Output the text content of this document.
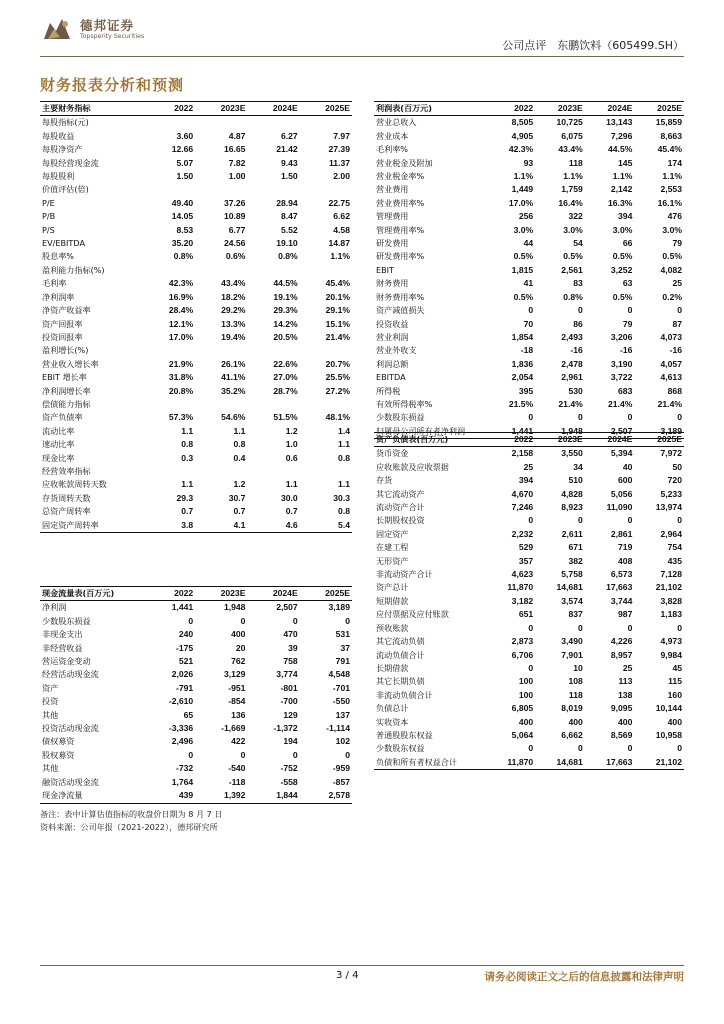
德邦证券
Topsperity Securities
公司点评　东鹏饮料（605499.SH）
财务报表分析和预测
主要财务指标	2022	2023E	2024E	2025E
每股指标(元)				
每股收益	3.60	4.87	6.27	7.97
每股净资产	12.66	16.65	21.42	27.39
每股经营现金流	5.07	7.82	9.43	11.37
每股股利	1.50	1.00	1.50	2.00
价值评估(倍)				
P/E	49.40	37.26	28.94	22.75
P/B	14.05	10.89	8.47	6.62
P/S	8.53	6.77	5.52	4.58
EV/EBITDA	35.20	24.56	19.10	14.87
股息率%	0.8%	0.6%	0.8%	1.1%
盈利能力指标(%)				
毛利率	42.3%	43.4%	44.5%	45.4%
净利润率	16.9%	18.2%	19.1%	20.1%
净资产收益率	28.4%	29.2%	29.3%	29.1%
资产回报率	12.1%	13.3%	14.2%	15.1%
投资回报率	17.0%	19.4%	20.5%	21.4%
盈利增长(%)				
营业收入增长率	21.9%	26.1%	22.6%	20.7%
EBIT 增长率	31.8%	41.1%	27.0%	25.5%
净利润增长率	20.8%	35.2%	28.7%	27.2%
偿债能力指标				
资产负债率	57.3%	54.6%	51.5%	48.1%
流动比率	1.1	1.1	1.2	1.4
速动比率	0.8	0.8	1.0	1.1
现金比率	0.3	0.4	0.6	0.8
经营效率指标				
应收帐款周转天数	1.1	1.2	1.1	1.1
存货周转天数	29.3	30.7	30.0	30.3
总资产周转率	0.7	0.7	0.7	0.8
固定资产周转率	3.8	4.1	4.6	5.4
利润表(百万元)	2022	2023E	2024E	2025E
营业总收入	8,505	10,725	13,143	15,859
营业成本	4,905	6,075	7,296	8,663
毛利率%	42.3%	43.4%	44.5%	45.4%
营业税金及附加	93	118	145	174
营业税金率%	1.1%	1.1%	1.1%	1.1%
营业费用	1,449	1,759	2,142	2,553
营业费用率%	17.0%	16.4%	16.3%	16.1%
管理费用	256	322	394	476
管理费用率%	3.0%	3.0%	3.0%	3.0%
研发费用	44	54	66	79
研发费用率%	0.5%	0.5%	0.5%	0.5%
EBIT	1,815	2,561	3,252	4,082
财务费用	41	83	63	25
财务费用率%	0.5%	0.8%	0.5%	0.2%
资产减值损失	0	0	0	0
投资收益	70	86	79	87
营业利润	1,854	2,493	3,206	4,073
营业外收支	-18	-16	-16	-16
利润总额	1,836	2,478	3,190	4,057
EBITDA	2,054	2,961	3,722	4,613
所得税	395	530	683	868
有效所得税率%	21.5%	21.4%	21.4%	21.4%
少数股东损益	0	0	0	0
归属母公司所有者净利润	1,441	1,948	2,507	3,189
资产负债表(百万元)	2022	2023E	2024E	2025E
货币资金	2,158	3,550	5,394	7,972
应收账款及应收票据	25	34	40	50
存货	394	510	600	720
其它流动资产	4,670	4,828	5,056	5,233
流动资产合计	7,246	8,923	11,090	13,974
长期股权投资	0	0	0	0
固定资产	2,232	2,611	2,861	2,964
在建工程	529	671	719	754
无形资产	357	382	408	435
非流动资产合计	4,623	5,758	6,573	7,128
资产总计	11,870	14,681	17,663	21,102
短期借款	3,182	3,574	3,744	3,828
应付票据及应付账款	651	837	987	1,183
预收账款	0	0	0	0
其它流动负债	2,873	3,490	4,226	4,973
流动负债合计	6,706	7,901	8,957	9,984
长期借款	0	10	25	45
其它长期负债	100	108	113	115
非流动负债合计	100	118	138	160
负债总计	6,805	8,019	9,095	10,144
实收资本	400	400	400	400
普通股股东权益	5,064	6,662	8,569	10,958
少数股东权益	0	0	0	0
负债和所有者权益合计	11,870	14,681	17,663	21,102
现金流量表(百万元)	2022	2023E	2024E	2025E
净利润	1,441	1,948	2,507	3,189
少数股东损益	0	0	0	0
非现金支出	240	400	470	531
非经营收益	-175	20	39	37
营运资金变动	521	762	758	791
经营活动现金流	2,026	3,129	3,774	4,548
资产	-791	-951	-801	-701
投资	-2,610	-854	-700	-550
其他	65	136	129	137
投资活动现金流	-3,336	-1,669	-1,372	-1,114
债权募资	2,496	422	194	102
股权募资	0	0	0	0
其他	-732	-540	-752	-959
融资活动现金流	1,764	-118	-558	-857
现金净流量	439	1,392	1,844	2,578
备注：表中计算估值指标的收盘价日期为 8 月 7 日
资料来源：公司年报（2021-2022），德邦研究所
3 / 4	请务必阅读正文之后的信息披露和法律声明
